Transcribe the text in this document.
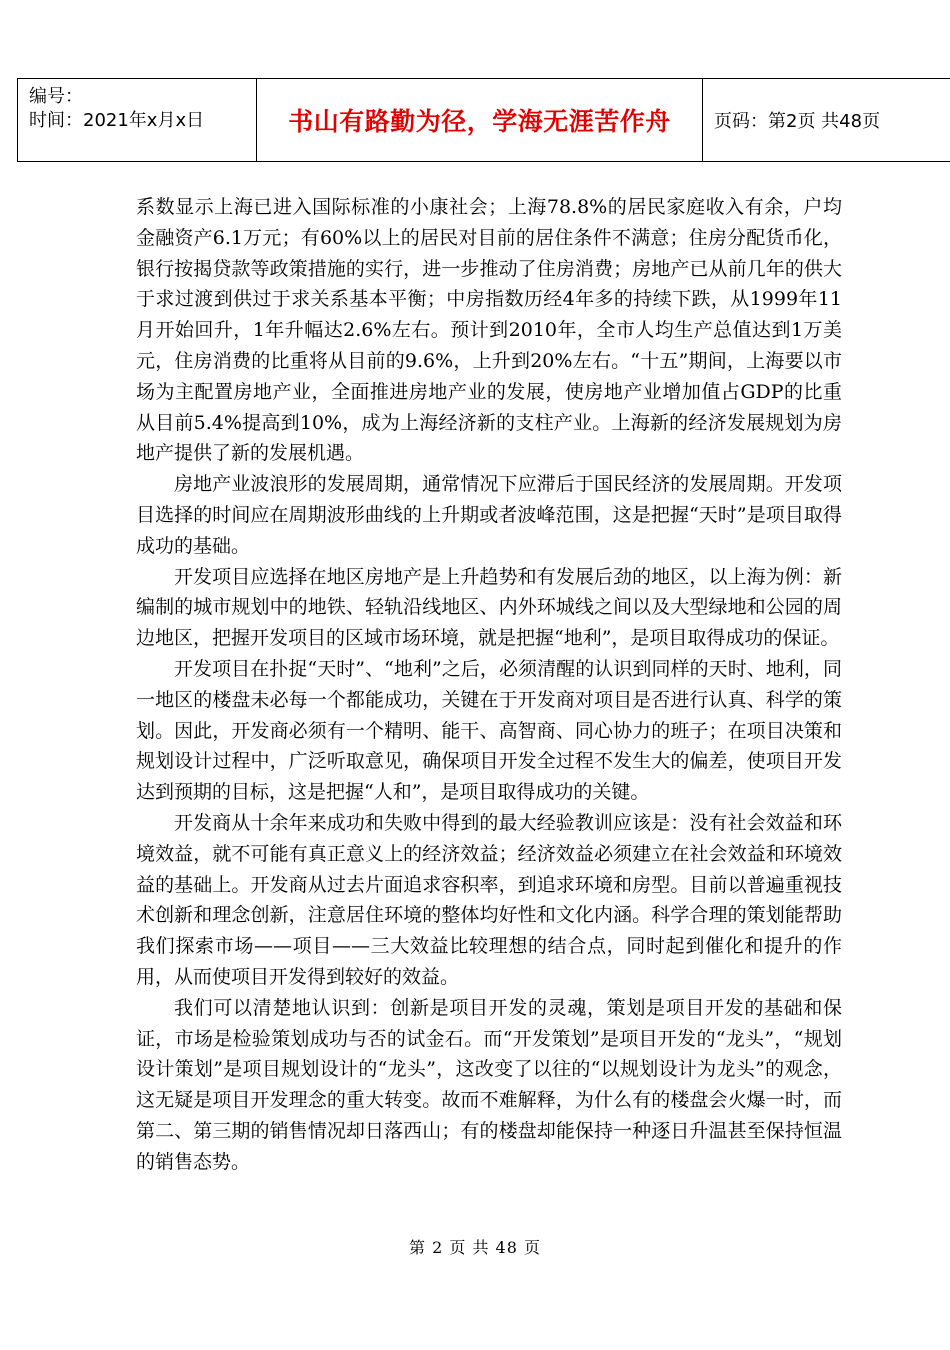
编号：
时间：2021年x月x日	书山有路勤为径，学海无涯苦作舟 页码：第2页 共48页

系数显示上海已进入国际标准的小康社会；上海78.8%的居民家庭收入有余，户均金融资产6.1万元；有60%以上的居民对目前的居住条件不满意；住房分配货币化，银行按揭贷款等政策措施的实行，进一步推动了住房消费；房地产已从前几年的供大于求过渡到供过于求关系基本平衡；中房指数历经4年多的持续下跌，从1999年11月开始回升，1年升幅达2.6%左右。预计到2010年，全市人均生产总值达到1万美元，住房消费的比重将从目前的9.6%，上升到20%左右。“十五”期间，上海要以市场为主配置房地产业，全面推进房地产业的发展，使房地产业增加值占GDP的比重从目前5.4%提高到10%，成为上海经济新的支柱产业。上海新的经济发展规划为房地产提供了新的发展机遇。

房地产业波浪形的发展周期，通常情况下应滞后于国民经济的发展周期。开发项目选择的时间应在周期波形曲线的上升期或者波峰范围，这是把握“天时”是项目取得成功的基础。

开发项目应选择在地区房地产是上升趋势和有发展后劲的地区，以上海为例：新编制的城市规划中的地铁、轻轨沿线地区、内外环城线之间以及大型绿地和公园的周边地区，把握开发项目的区域市场环境，就是把握“地利”，是项目取得成功的保证。

开发项目在扑捉“天时”、“地利”之后，必须清醒的认识到同样的天时、地利，同一地区的楼盘未必每一个都能成功，关键在于开发商对项目是否进行认真、科学的策划。因此，开发商必须有一个精明、能干、高智商、同心协力的班子；在项目决策和规划设计过程中，广泛听取意见，确保项目开发全过程不发生大的偏差，使项目开发达到预期的目标，这是把握“人和”，是项目取得成功的关键。

开发商从十余年来成功和失败中得到的最大经验教训应该是：没有社会效益和环境效益，就不可能有真正意义上的经济效益；经济效益必须建立在社会效益和环境效益的基础上。开发商从过去片面追求容积率，到追求环境和房型。目前以普遍重视技术创新和理念创新，注意居住环境的整体均好性和文化内涵。科学合理的策划能帮助我们探索市场——项目——三大效益比较理想的结合点，同时起到催化和提升的作用，从而使项目开发得到较好的效益。

我们可以清楚地认识到：创新是项目开发的灵魂，策划是项目开发的基础和保证，市场是检验策划成功与否的试金石。而“开发策划”是项目开发的“龙头”，“规划设计策划”是项目规划设计的“龙头”，这改变了以往的“以规划设计为龙头”的观念，这无疑是项目开发理念的重大转变。故而不难解释，为什么有的楼盘会火爆一时，而第二、第三期的销售情况却日落西山；有的楼盘却能保持一种逐日升温甚至保持恒温的销售态势。

第 2 页 共 48 页
